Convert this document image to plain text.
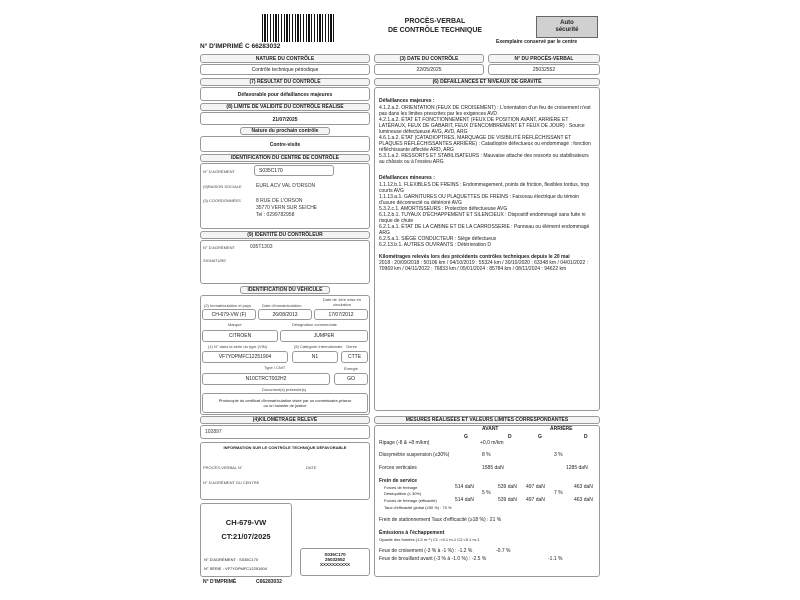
N° D'IMPRIMÉ C 66283032
PROCÈS-VERBAL
DE CONTRÔLE TECHNIQUE
Auto
sécurité
Exemplaire conservé par le centre
NATURE DU CONTRÔLE
Contrôle technique périodique
(3) DATE DU CONTRÔLE
22/05/2025
N° DU PROCÈS-VERBAL
25032552
(7) RÉSULTAT DU CONTRÔLE
Défavorable pour défaillances majeures
(8) LIMITE DE VALIDITÉ DU CONTRÔLE RÉALISÉ
21/07/2025
Nature du prochain contrôle
Contre-visite
IDENTIFICATION DU CENTRE DE CONTRÔLE
N° D'AGRÉMENT	S035C170
(9)RAISON SOCIALE	EURL ACV VAL D'ORSON
(3) COORDONNÉES	8 RUE DE L'ORSON
35770 VERN SUR SEICHE
Tel : 0299782958
(9) IDENTITÉ DU CONTRÔLEUR
N° D'AGRÉMENT	035T1303
SIGNATURE
IDENTIFICATION DU VÉHICULE
(2) Immatriculation et pays
CH-679-VW (F)
Date d'immatriculation
26/08/2013
Date de 1ère mise en circulation
17/07/2012
Marque	Désignation commerciale
CITROEN	JUMPER
(1) N° dans la série du type (VIN)	(5) Catégorie internationale Genre
VF7YDPMFC12251904	N1	CTTE
Type / CNIT	Énergie
N10CTRCT002H2	GO
Document(s) présenté(s)
Photocopie du certificat d'immatriculation visée par un commissaire-priseur
ou un huissier de justice
(4)KILOMÉTRAGE RELEVÉ
102897
INFORMATION SUR LE CONTRÔLE TECHNIQUE DÉFAVORABLE
PROCÈS-VERBAL N°	DATE
N° D'AGRÉMENT DU CENTRE
CH-679-VW
CT:21/07/2025
N° D'AGRÉMENT : S035C170
N° SÉRIE : VF7YDPMFC12251904
N° D'IMPRIMÉ	C66283032
S035C170
25032552
XXXXXXXXXX
(6) DÉFAILLANCES ET NIVEAUX DE GRAVITÉ
Défaillances majeures :
4.1.2.a.2. ORIENTATION (FEUX DE CROISEMENT) : L'orientation d'un feu de croisement n'est pas dans les limites prescrites par les exigences AVD
4.2.1.a.2. ÉTAT ET FONCTIONNEMENT (FEUX DE POSITION AVANT, ARRIÈRE ET LATÉRAUX, FEUX DE GABARIT, FEUX D'ENCOMBREMENT ET FEUX DE JOUR) : Source lumineuse défectueuse AVG, AVD, ARG
4.6.1.a.2. ÉTAT (CATADIOPTRES, MARQUAGE DE VISIBILITÉ RÉFLÉCHISSANT ET PLAQUES RÉFLÉCHISSANTES ARRIÈRE) : Catadioptre défectueux ou endommagé : fonction réfléchissante affectée ARD, ARG
5.3.1.a.2. RESSORTS ET STABILISATEURS : Mauvaise attache des ressorts ou stabilisateurs au châssis ou à l'essieu ARG
Défaillances mineures :
1.1.12.b.1. FLEXIBLES DE FREINS : Endommagement, points de friction, flexibles tordus, trop courts AVG
1.1.13.a.1. GARNITURES OU PLAQUETTES DE FREINS : Faisceau électrique du témoin d'usure déconnecté ou détérioré AVG
5.3.2.c.1. AMORTISSEURS : Protection défectueuse AVG
6.1.2.b.1. TUYAUX D'ÉCHAPPEMENT ET SILENCIEUX : Dispositif endommagé sans fuite ni risque de chute
6.2.1.a.1. ÉTAT DE LA CABINE ET DE LA CARROSSERIE : Panneau ou élément endommagé ARG
6.2.5.a.1. SIÈGE CONDUCTEUR : Siège défectueux
6.2.13.b.1. AUTRES OUVRANTS : Détérioration D
Kilométrages relevés lors des précédents contrôles techniques depuis le 20 mai
2018 : 20/09/2018 : 50106 km / 04/10/2019 : 55324 km / 30/10/2020 : 63348 km / 04/01/2022 : 70969 km / 04/11/2022 : 76833 km / 05/01/2024 : 85784 km / 08/11/2024 : 94622 km
MESURES RÉALISÉES ET VALEURS LIMITES CORRESPONDANTES
AVANT	ARRIÈRE
G	D	G	D
Ripage (-8 & +8 m/km)	+0,0 m/km
Dissymétrie suspension (≤30%)	8 %	3 %
Forces verticales	1585 daN	1285 daN
Frein de service
Forces de freinage	514 daN	539 daN 497 daN	463 daN
Déséquilibre (≤ 30%)	5 %	7 %
Forces de freinage (efficacité)	514 daN	539 daN 497 daN	463 daN
Taux d'efficacité global (≥50 %) : 70 %
Frein de stationnement Taux d'efficacité (≥18 %) : 21 %
Émissions à l'échappement
Opacité des fumées (1.5 m⁻¹) C1 :<0.1 m-1 C2:<0.1 m-1
Feux de croisement (-3 % à -1 %) : -1.2 %	-0.7 %
Feux de brouillard avant (-3 % à -1.0 %) : -2.5 %	-1.1 %
